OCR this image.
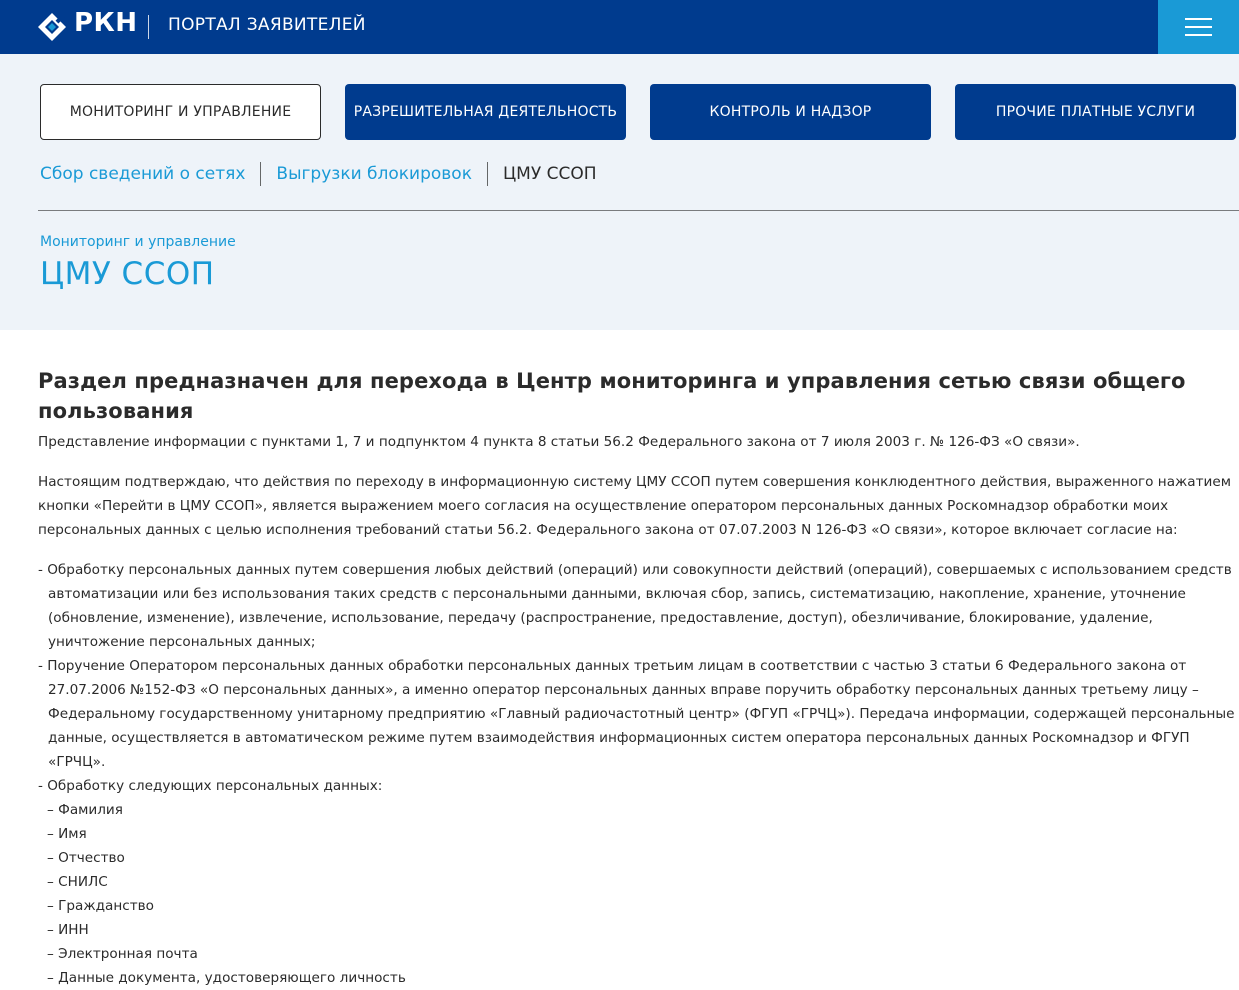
РКН ПОРТАЛ ЗАЯВИТЕЛЕЙ
МОНИТОРИНГ И УПРАВЛЕНИЕ	РАЗРЕШИТЕЛЬНАЯ ДЕЯТЕЛЬНОСТЬ	КОНТРОЛЬ И НАДЗОР	ПРОЧИЕ ПЛАТНЫЕ УСЛУГИ
Сбор сведений о сетях Выгрузки блокировок ЦМУ ССОП
Мониторинг и управление
ЦМУ ССОП
Раздел предназначен для перехода в Центр мониторинга и управления сетью связи общего пользования

Представление информации с пунктами 1, 7 и подпунктом 4 пункта 8 статьи 56.2 Федерального закона от 7 июля 2003 г. № 126-ФЗ «О связи».

Настоящим подтверждаю, что действия по переходу в информационную систему ЦМУ ССОП путем совершения конклюдентного действия, выраженного нажатием кнопки «Перейти в ЦМУ ССОП», является выражением моего согласия на осуществление оператором персональных данных Роскомнадзор обработки моих персональных данных с целью исполнения требований статьи 56.2. Федерального закона от 07.07.2003 N 126-ФЗ «О связи», которое включает согласие на:

- Обработку персональных данных путем совершения любых действий (операций) или совокупности действий (операций), совершаемых с использованием средств автоматизации или без использования таких средств с персональными данными, включая сбор, запись, систематизацию, накопление, хранение, уточнение (обновление, изменение), извлечение, использование, передачу (распространение, предоставление, доступ), обезличивание, блокирование, удаление, уничтожение персональных данных;
- Поручение Оператором персональных данных обработки персональных данных третьим лицам в соответствии с частью 3 статьи 6 Федерального закона от 27.07.2006 №152-ФЗ «О персональных данных», а именно оператор персональных данных вправе поручить обработку персональных данных третьему лицу – Федеральному государственному унитарному предприятию «Главный радиочастотный центр» (ФГУП «ГРЧЦ»). Передача информации, содержащей персональные данные, осуществляется в автоматическом режиме путем взаимодействия информационных систем оператора персональных данных Роскомнадзор и ФГУП «ГРЧЦ».
- Обработку следующих персональных данных:
– Фамилия
– Имя
– Отчество
– СНИЛС
– Гражданство
– ИНН
– Электронная почта
– Данные документа, удостоверяющего личность
